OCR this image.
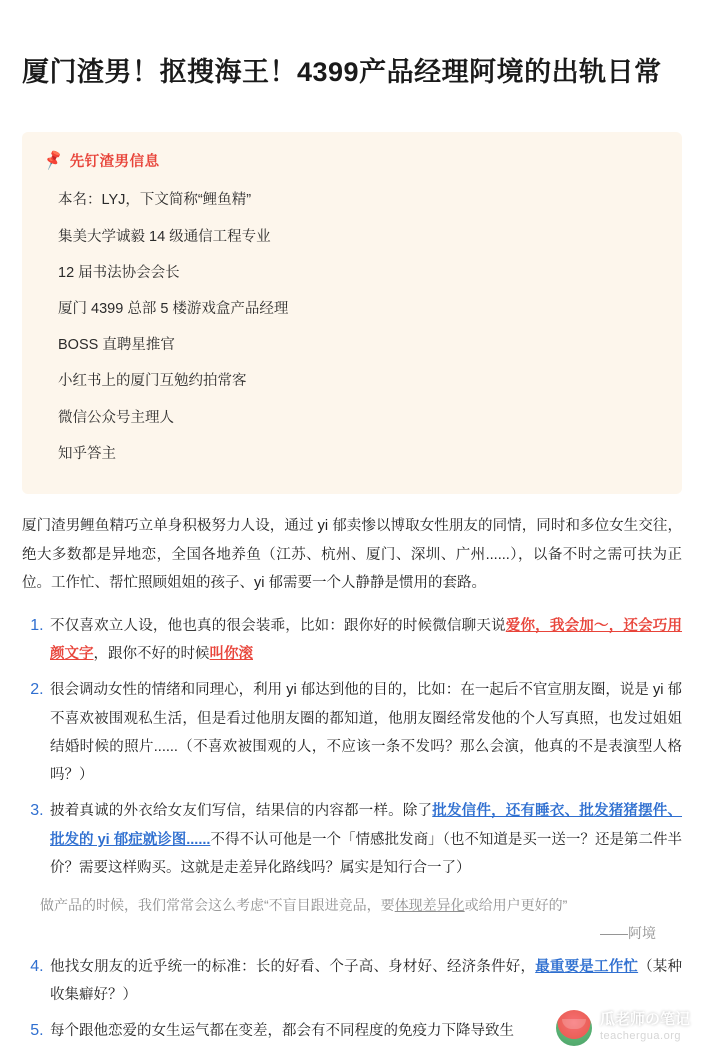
厦门渣男！抠搜海王！4399产品经理阿境的出轨日常
📌 先钉渣男信息
本名：LYJ，下文简称“鲤鱼精”
集美大学诚毅 14 级通信工程专业
12 届书法协会会长
厦门 4399 总部 5 楼游戏盒产品经理
BOSS 直聘星推官
小红书上的厦门互勉约拍常客
微信公众号主理人
知乎答主

厦门渣男鲤鱼精巧立单身积极努力人设，通过 yi 郁卖惨以博取女性朋友的同情，同时和多位女生交往，绝大多数都是异地恋，全国各地养鱼（江苏、杭州、厦门、深圳、广州......），以备不时之需可扶为正位。工作忙、帮忙照顾姐姐的孩子、yi 郁需要一个人静静是惯用的套路。

1. 不仅喜欢立人设，他也真的很会装乖，比如：跟你好的时候微信聊天说爱你，我会加～，还会巧用颜文字，跟你不好的时候叫你滚
2. 很会调动女性的情绪和同理心，利用 yi 郁达到他的目的，比如：在一起后不官宣朋友圈，说是 yi 郁不喜欢被围观私生活，但是看过他朋友圈的都知道，他朋友圈经常发他的个人写真照，也发过姐姐结婚时候的照片......（不喜欢被围观的人，不应该一条不发吗？那么会演，他真的不是表演型人格吗？）
3. 披着真诚的外衣给女友们写信，结果信的内容都一样。除了批发信件，还有睡衣、批发猪猪摆件、批发的 yi 郁症就诊图......不得不认可他是一个「情感批发商」（也不知道是买一送一？还是第二件半价？需要这样购买。这就是走差异化路线吗？属实是知行合一了）
做产品的时候，我们常常会这么考虑“不盲目跟进竞品，要体现差异化或给用户更好的”
——阿境
4. 他找女朋友的近乎统一的标准：长的好看、个子高、身材好、经济条件好，最重要是工作忙（某种收集癖好？）
5. 每个跟他恋爱的女生运气都在变差，都会有不同程度的免疫力下降导致生
瓜老师の笔记
teachergua.org
